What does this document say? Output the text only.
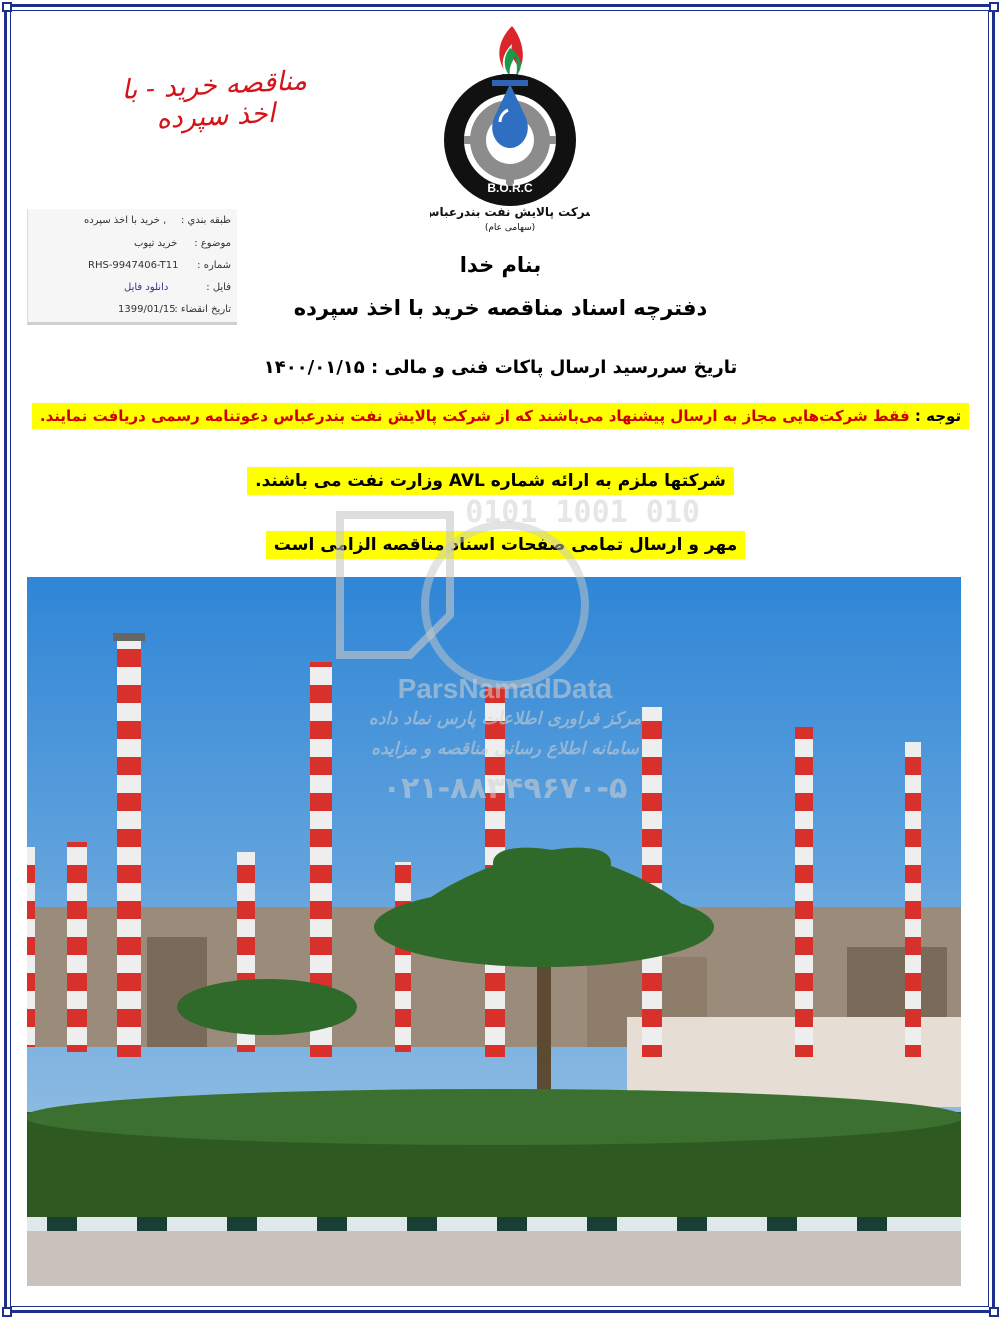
مناقصه خرید - با اخذ سپرده
B.O.R.C
شرکت پالایش نفت بندرعباس
(سهامی عام)
طبقه بندي :
خرید با اخذ سپرده ,
موضوع :
خرید تیوب
شماره :
RHS-9947406-T11
فایل :
دانلود فایل
تاریخ انقضاء :
1399/01/15
بنام خدا
دفترچه اسناد مناقصه خرید با اخذ سپرده
تاریخ سررسید ارسال پاکات فنی و مالی : ۱۴۰۰/۰۱/۱۵
توجه : فقط شرکت‌هایی مجاز به ارسال پیشنهاد می‌باشند که از شرکت پالایش نفت بندرعباس دعوتنامه رسمی دریافت نمایند.
شرکتها ملزم به ارائه شماره AVL وزارت نفت می باشند.
مهر و ارسال تمامی صفحات اسناد مناقصه الزامی است
0101 1001 010
ParsNamadData
مرکز فراوری اطلاعات پارس نماد داده
سامانه اطلاع رسانی مناقصه و مزایده
۰۲۱-۸۸۳۴۹۶۷۰-۵
